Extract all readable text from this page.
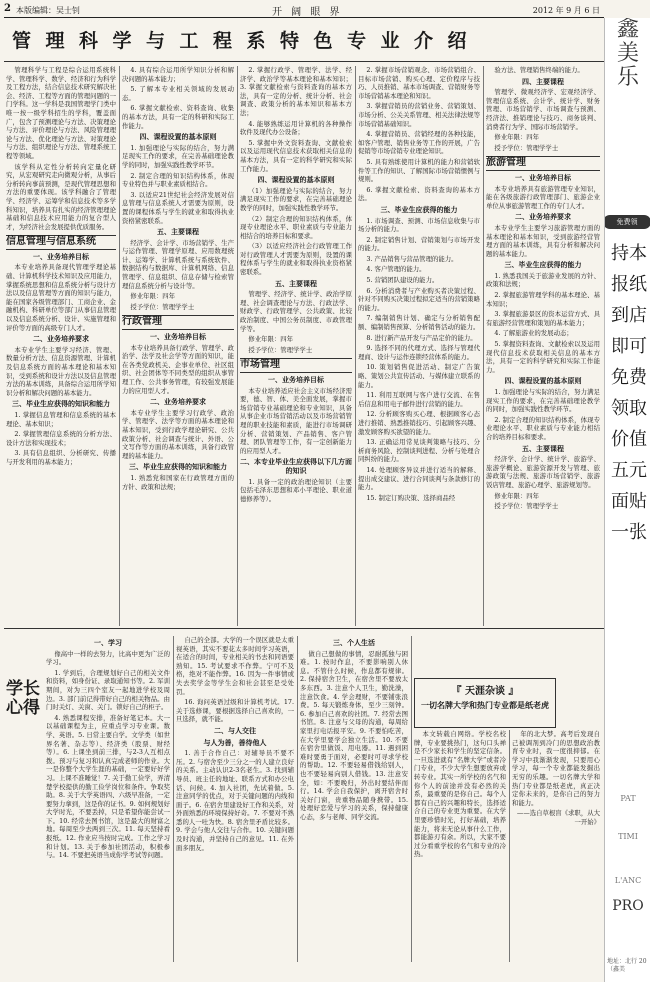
2 本版编辑：吴士钊	开 阔 眼 界	2012 年 9 月 6 日
管理科学与工程系特色专业介绍

管理科学与工程是综合运用系统科学、管理科学、数学、经济和行为科学及工程方法，结合信息技术研究解决社会、经济、工程等方面的管理问题的一门学科。这一学科是我国管理学门类中唯一按一级学科招生的学科，覆盖面广，包含了预测理论与方法、决策理论与方法、评价理论与方法、风险管理理论与方法、优化理论与方法、对策理论与方法、组织理论与方法、管理系统工程等领域。

该学科从定性分析转向定量化研究，从宏观研究走向微观分析，从事后分析转向事前预测，是现代管理思想和方法的重要体现。该学科融合了管理学、经济学、运筹学和信息技术等多学科知识，培养具有扎实的经济管理理论基础和信息技术应用能力的复合型人才，为经济社会发展提供优质服务。

信息管理与信息系统
一、业务培养目标

本专业培养具备现代管理学理论基础、计算机科学技术知识及应用能力，掌握系统思想和信息系统分析与设计方法以及信息管理等方面的知识与能力，能在国家各级管理部门、工商企业、金融机构、科研单位等部门从事信息管理以及信息系统分析、设计、实施管理和评价等方面的高级专门人才。

二、业务培养要求

本专业学生主要学习经济、管理、数量分析方法、信息资源管理、计算机及信息系统方面的基本理论和基本知识，受到系统和设计方法以及信息管理方法的基本训练，具备综合运用所学知识分析和解决问题的基本能力。

三、毕业生应获得的知识和能力

1. 掌握信息管理和信息系统的基本理论、基本知识；

2. 掌握管理信息系统的分析方法、设计方法和实现技术；

3. 具有信息组织、分析研究、传播与开发利用的基本能力；

4. 具有综合运用所学知识分析和解决问题的基本能力；

5. 了解本专业相关领域的发展动态。

6. 掌握文献检索、资料查询、收集的基本方法，具有一定的科研和实际工作能力。

四、课程设置的基本原则

1. 加强理论与实际的结合，努力满足现实工作的要求，在完善基础理论教学的同时，加强实践性教学环节。

2. 制定合理的知识结构体系，体现专业特色并与职业素质相结合。

3. 以适应21世纪社会经济发展对信息管理与信息系统人才需要为原则，设置的课程体系与学生的就业和取得执业资格紧密联系。

五、主要课程

经济学、会计学、市场营销学、生产与运作管理、管理学原理、应用数理统计、运筹学、计算机系统与系统软件、数据结构与数据库、计算机网络、信息管理学、信息组织、信息存储与检索管理信息系统分析与设计等。

修业年限：四年

授予学位：管理学学士

行政管理
一、业务培养目标

本专业培养具备行政学、管理学、政治学、法学及社会学等方面的知识，能在各类党政机关、企事业单位、社区组织、社会团体等不同类型的组织从事管理工作、公共事务管理，有较强发展能力的应用型人才。

二、业务培养要求

本专业学生主要学习行政学、政治学、管理学、法学等方面的基本理论和基本知识，受到行政学理论研究、公共政策分析、社会调查与统计、外语、公文写作等方面的基本训练，具备行政管理的基本能力。

三、毕业生应获得的知识和能力

1. 熟悉党和国家在行政管理方面的方针、政策和法规；

2. 掌握行政学、管理学、法学、经济学、政治学等基本理论和基本知识；3. 掌握文献检索与资料查询的基本方法，具有一定的分析、统计分析、社会调查、政策分析的基本知识和基本方法；

4. 能够熟练运用计算机的各种操作软件及现代办公设备；

5. 掌握中外文资料查询、文献检索以及运用现代信息技术获取相关信息的基本方法，具有一定的科学研究和实际工作能力。

四、课程设置的基本原则

（1）加强理论与实际的结合，努力满足现实工作的要求，在完善基础理论教学的同时，加强实践性教学环节。

（2）制定合理的知识结构体系，体现专业理论水平、职业素质与专业能力相结合的培养目标和要求。

（3）以适应经济社会行政管理工作对行政管理人才需要为原则，设置的课程体系与学生的就业和取得执业资格紧密联系。

五、主要课程

管理学、经济学、统计学、政治学原理、社会调查理论与方法、行政法学、财政学、行政管理学、公共政策、比较政治制度、中国公务员制度、市政管理学等。

修业年限：四年

授予学位：管理学学士

市场管理
一、业务培养目标

本专业培养适应社会主义市场经济需要，德、智、体、美全面发展，掌握市场营销专业基础理论和专业知识，具备从事企业市场营销活动以及市场营销管理的职业技能和素质，能进行市场调研分析、营销策划、产品销售、客户管理、团队管理等工作，有一定创新能力的应用型人才。

二、本专业毕业生应获得以下几方面的知识

1. 具备一定的政治理论知识（主要包括毛泽东思想和邓小平理论、职业道德修养等）。

2. 掌握市场营销观念、市场营销组合、目标市场营销、购买心理、定价程序与技巧、人员推销、基本市场调查、营销财务等市场营销基本理论和知识。

3. 掌握营销员的营销业务、营销策划、市场分析、公关关系管理、相关法律法规等市场营销基础知识。

4. 掌握营销员、营销经理的各种技能，如客户管理、销售业务等工作的开展，广告促销等市场营销专业理论知识。

5. 具有熟练使用计算机的能力和营销软件等工作的知识、了解国际市场营销惯例与规则。

6. 掌握文献检索、资料查询的基本方法。

三、毕业生应获得的能力

1. 市场调查、预测、市场信息收集与市场分析的能力。

2. 制定销售计划、营销策划与市场开发的能力。

3. 产品销售与营品管理的能力。

4. 客户管理的能力。

5. 营销团队建设的能力。

6. 分析消费者与产业购买者决策过程、针对不同购买决策过程拟定适当的营销策略的能力。

7. 编制销售计划、确定与分析销售配额、编制销售预算、分析销售活动的能力。

8. 进行新产品开发与产品定价的能力。

9. 选择不同的代理方式、选择与管理代理商、设计与运作连锁经营体系的能力。

10. 策划销售促进活动、制定广告策略、策划公共宣传活动、与媒体建立联系的能力。

11. 利用互联网与客户进行交流、在售后信息和用电子邮件进行营销的能力。

12. 分析顾客购买心理、根据顾客心态进行推销、熟悉推销技巧、引起顾客兴趣、激发顾客购买欲望的能力。

13. 正确运用常见谈判策略与技巧、分析商务风险、控制谈判进程、分析与处理合同纠纷的能力。

14. 处理顾客异议并进行适当的解释、提出成交建议、进行合同谈判与条款修订的能力。

15. 制定订购决策、选择商品经

验方法、管理销售终端的能力。

四、主要课程

管理学、微观经济学、宏观经济学、管理信息系统、会计学、统计学、财务管理、市场营销学、市场调查与预测、经济法、推销理论与技巧、商务谈判、消费者行为学、国际市场营销学。

修业年限：四年

授予学位：管理学学士

旅游管理
一、业务培养目标

本专业培养具有旅游管理专业知识，能在各级旅游行政管理部门、旅游企业单位从事旅游管理工作的专门人才。

二、业务培养要求

本专业学生主要学习旅游管理方面的基本理论和基本知识，受到旅游经营管理方面的基本训练，具有分析和解决问题的基本能力。

三、毕业生应获得的能力

1. 熟悉我国关于旅游业发展的方针、政策和法规；

2. 掌握旅游管理学科的基本理论、基本知识；

3. 掌握旅游景区的资本运营方式、具有旅游经营管理和策划的基本能力；

4. 了解旅游业的发展动态；

5. 掌握资料查询、文献检索以及运用现代信息技术获取相关信息的基本方法，具有一定的科学研究和实际工作能力。

四、课程设置的基本原则

1. 加强理论与实际的结合，努力满足现实工作的要求，在完善基础理论教学的同时，加强实践性教学环节。

2. 制定合理的知识结构体系，体现专业理论水平、职业素质与专业能力相结合的培养目标和要求。

五、主要课程

经济学、会计学、统计学、旅游学、旅游学概论、旅游资源开发与管理、旅游政策与法规、旅游市场营销学、旅游饭店管理、旅游心理学、旅游规划等。

修业年限：四年

授予学位：管理学学士

学长心得
一、学习

像高中一样的去努力，比高中更为广泛的学习。

1. 学到后，合理规划好自己的相关文件和资料，如身份证、录取通知书等。2. 军训期间，对为三四个室友一起地进学校及周边。3. 部门前记得带好自己的相关物品。由门时关灯、关窗、关门。锁好自己的柜子。

4. 熟悉课程安排，准备好笔记本。大一以基础课程为主，应重点学习专业课。数学、英语。5. 日常主要自学。文学类（如世界名著、杂志等）、经济类（股票、财经等）。6. 上课坐到前三排，与2-3人互相点拨。预习与复习和认真完成老师的作业。大一是你整个大学生涯的基础，一定要好好学习。上课不准睡觉！7. 关于勤工俭学，弄清楚学校提供的勤工俭学岗位和条件。争取奖助。8. 关于大学英语四、六级早准备，一定要努力拿到，这是你的证书。9. 如何规划好大学时光，不要丢掉，只是希望你能尝试一下。10. 经常去图书馆，这是最大的财富之地。每周至少去两到三次。11. 每天坚持看报纸。12. 作业应当按时完成。工作之学习和计划。13. 关于参加社团活动，积极参与。14. 不要把英语当成你学考试等问题。

自己的全部。大学的一个误区就是太重视英语，其实不要花太多时间学习英语，在适合的时间，专业相关的书去和同语要熟知。15. 考试要求不作弊。宁可不及格，绝对不能作弊。16. 因为一件事情或失去奖学金等学生会和社会甚至是受处罚。

16. 询问英语过级和计算机考试。17. 关于选修课，要根据选择自己喜欢的，一旦选择，就不能。

二、与人交往
与人为善，善待他人

1. 善于合作自己：对辅导员不要不压。2. 与宿舍至少三分之一的人建立良好的关系。主动认识2-3名老生。3. 找到辅导员、班主任的地址、联系方式和办公电话、问候。4. 加入社团，先试着做。5. 注意同学的优点，对于关键问题的内线和面子。6. 在宿舍里建设好工作和关系，对外面熟悉的环境保持好奇。7. 不要对不熟悉的人一吐为快。8. 宿舍里矛盾比较多。9. 学会与他人交往与合作。10. 关键问题及时沟通，并坚持自己的意见。11. 在外面多朋友。

三、个人生活

做自己想做的事情，忍耐孤独与困难。1. 按时作息，不要影响别人休息。不管什么时候，作息都有规律。2. 保持宿舍卫生，在宿舍里不要放太多东西。3. 注意个人卫生，勤洗澡，注意饮食。4. 学会理财，不要铺张浪费。5. 每天锻炼身体，至少三刻钟。6. 参加自己喜欢的社团。7. 经常去图书馆。8. 注意与父母的沟通，每周给家里打电话报平安。9. 不要怕吃苦，在大学里要学会独立生活。10. 不要在宿舍里做饭、用电器。11. 遇到困难时要勇于面对，必要时可寻求学校的帮助。12. 不要轻易借钱给别人，也不要轻易向别人借钱。13. 注意安全，如：不要晚归，外出时要结伴而行。14. 学会自我保护，离开宿舍时关好门窗，贵重物品随身携带。15. 处理好恋爱与学习的关系，保持健康心态，多与老师、同学交流。

『 天涯杂谈 』
一切名牌大学和热门专业都是纸老虎

本文转载自网络。学校名校牌，专业要挑热门，这句口头禅是不少家长和学生的坚定信条。一旦选进就有“名牌大学”或者冷门专业，不少大学生想要放弃或转专业。其实一所学校的名气和你个人的前途并没有必然的关系，最重要的是你自己。每个人都有自己的兴趣和特长，选择适合自己的专业更为重要。在大学里要珍惜时光，打好基础，培养能力，将来无论从事什么工作，都能游刃有余。所以，大家不要过分看重学校的名气和专业的冷热。

年的北大梦。高考后发现自己被调剂到冷门的思想政治教育专业时，我一度很抑郁。在学习中我渐渐发现，只要用心学习，每一个专业都能发掘出无穷的乐趣。一切名牌大学和热门专业都是纸老虎，真正决定你未来的，是你自己的努力和能力。

——选自草根盲《求职，从大一开始》

鑫 美 乐
免费领
持本报纸到店即可免费领取价值五元面贴一张
PAT
TIMI
L'ANC
PRO
地址：北行 20（鑫美
